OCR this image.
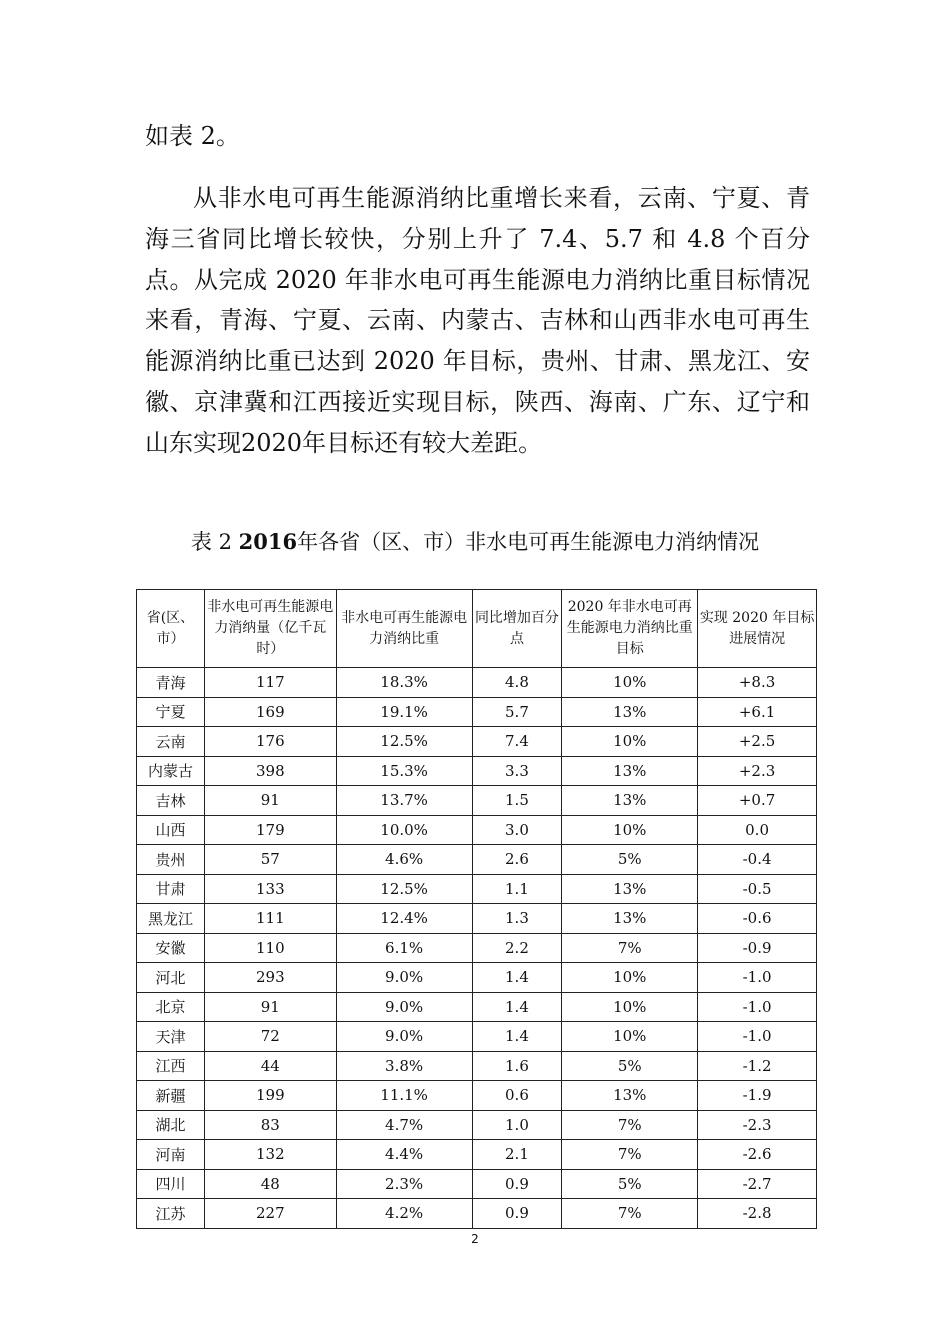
如表 2。

从非水电可再生能源消纳比重增长来看，云南、宁夏、青海三省同比增长较快，分别上升了 7.4、5.7 和 4.8 个百分点。从完成 2020 年非水电可再生能源电力消纳比重目标情况来看，青海、宁夏、云南、内蒙古、吉林和山西非水电可再生能源消纳比重已达到 2020 年目标，贵州、甘肃、黑龙江、安徽、京津冀和江西接近实现目标，陕西、海南、广东、辽宁和山东实现2020年目标还有较大差距。

表 2 2016年各省（区、市）非水电可再生能源电力消纳情况
省(区、市）	非水电可再生能源电力消纳量（亿千瓦时）	非水电可再生能源电力消纳比重	同比增加百分点	2020 年非水电可再生能源电力消纳比重目标	实现 2020 年目标进展情况
青海	117	18.3%	4.8	10%	+8.3
宁夏	169	19.1%	5.7	13%	+6.1
云南	176	12.5%	7.4	10%	+2.5
内蒙古	398	15.3%	3.3	13%	+2.3
吉林	91	13.7%	1.5	13%	+0.7
山西	179	10.0%	3.0	10%	0.0
贵州	57	4.6%	2.6	5%	-0.4
甘肃	133	12.5%	1.1	13%	-0.5
黑龙江	111	12.4%	1.3	13%	-0.6
安徽	110	6.1%	2.2	7%	-0.9
河北	293	9.0%	1.4	10%	-1.0
北京	91	9.0%	1.4	10%	-1.0
天津	72	9.0%	1.4	10%	-1.0
江西	44	3.8%	1.6	5%	-1.2
新疆	199	11.1%	0.6	13%	-1.9
湖北	83	4.7%	1.0	7%	-2.3
河南	132	4.4%	2.1	7%	-2.6
四川	48	2.3%	0.9	5%	-2.7
江苏	227	4.2%	0.9	7%	-2.8
2
